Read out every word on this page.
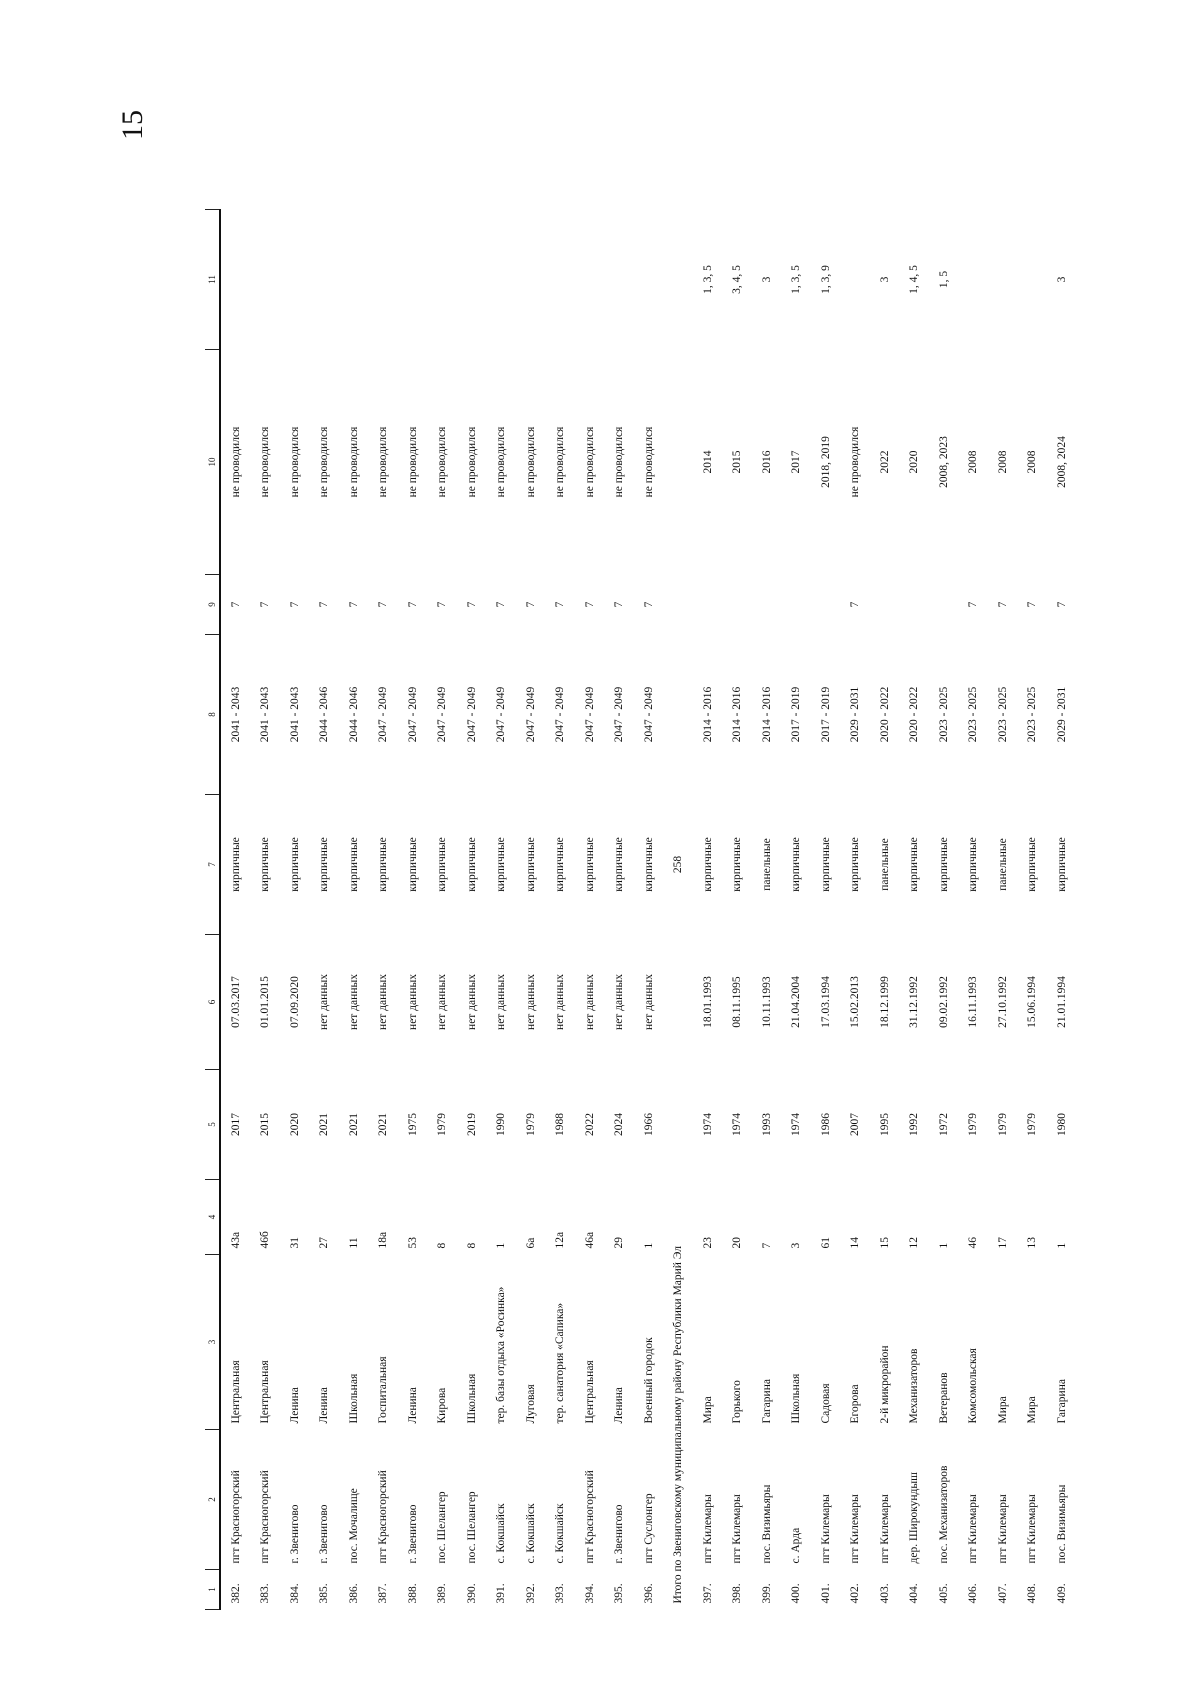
15
1	2	3	4	5	6	7	8	9	10	11
382.	пгт Красногорский	Центральная	43а	2017	07.03.2017	кирпичные	2041 - 2043	7	не проводился	
383.	пгт Красногорский	Центральная	46б	2015	01.01.2015	кирпичные	2041 - 2043	7	не проводился	
384.	г. Звенигово	Ленина	31	2020	07.09.2020	кирпичные	2041 - 2043	7	не проводился	
385.	г. Звенигово	Ленина	27	2021	нет данных	кирпичные	2044 - 2046	7	не проводился	
386.	пос. Мочалище	Школьная	11	2021	нет данных	кирпичные	2044 - 2046	7	не проводился	
387.	пгт Красногорский	Госпитальная	18а	2021	нет данных	кирпичные	2047 - 2049	7	не проводился	
388.	г. Звенигово	Ленина	53	1975	нет данных	кирпичные	2047 - 2049	7	не проводился	
389.	пос. Шелангер	Кирова	8	1979	нет данных	кирпичные	2047 - 2049	7	не проводился	
390.	пос. Шелангер	Школьная	8	2019	нет данных	кирпичные	2047 - 2049	7	не проводился	
391.	с. Кокшайск	тер. базы отдыха «Росинка»	1	1990	нет данных	кирпичные	2047 - 2049	7	не проводился	
392.	с. Кокшайск	Луговая	6а	1979	нет данных	кирпичные	2047 - 2049	7	не проводился	
393.	с. Кокшайск	тер. санатория «Сапика»	12а	1988	нет данных	кирпичные	2047 - 2049	7	не проводился	
394.	пгт Красногорский	Центральная	46а	2022	нет данных	кирпичные	2047 - 2049	7	не проводился	
395.	г. Звенигово	Ленина	29	2024	нет данных	кирпичные	2047 - 2049	7	не проводился	
396.	пгт Суслонгер	Военный городок	1	1966	нет данных	кирпичные	2047 - 2049	7	не проводился	
Итого по Звениговскому муниципальному району Республики Марий Эл						258				
397.	пгт Килемары	Мира	23	1974	18.01.1993	кирпичные	2014 - 2016		2014	1, 3, 5
398.	пгт Килемары	Горького	20	1974	08.11.1995	кирпичные	2014 - 2016		2015	3, 4, 5
399.	пос. Визимьяры	Гагарина	7	1993	10.11.1993	панельные	2014 - 2016		2016	3
400.	с. Арда	Школьная	3	1974	21.04.2004	кирпичные	2017 - 2019		2017	1, 3, 5
401.	пгт Килемары	Садовая	61	1986	17.03.1994	кирпичные	2017 - 2019		2018, 2019	1, 3, 9
402.	пгт Килемары	Егорова	14	2007	15.02.2013	кирпичные	2029 - 2031	7	не проводился	
403.	пгт Килемары	2-й микрорайон	15	1995	18.12.1999	панельные	2020 - 2022		2022	3
404.	дер. Широкундыш	Механизаторов	12	1992	31.12.1992	кирпичные	2020 - 2022		2020	1, 4, 5
405.	пос. Механизаторов	Ветеранов	1	1972	09.02.1992	кирпичные	2023 - 2025		2008, 2023	1, 5
406.	пгт Килемары	Комсомольская	46	1979	16.11.1993	кирпичные	2023 - 2025	7	2008	
407.	пгт Килемары	Мира	17	1979	27.10.1992	панельные	2023 - 2025	7	2008	
408.	пгт Килемары	Мира	13	1979	15.06.1994	кирпичные	2023 - 2025	7	2008	
409.	пос. Визимьяры	Гагарина	1	1980	21.01.1994	кирпичные	2029 - 2031	7	2008, 2024	3
